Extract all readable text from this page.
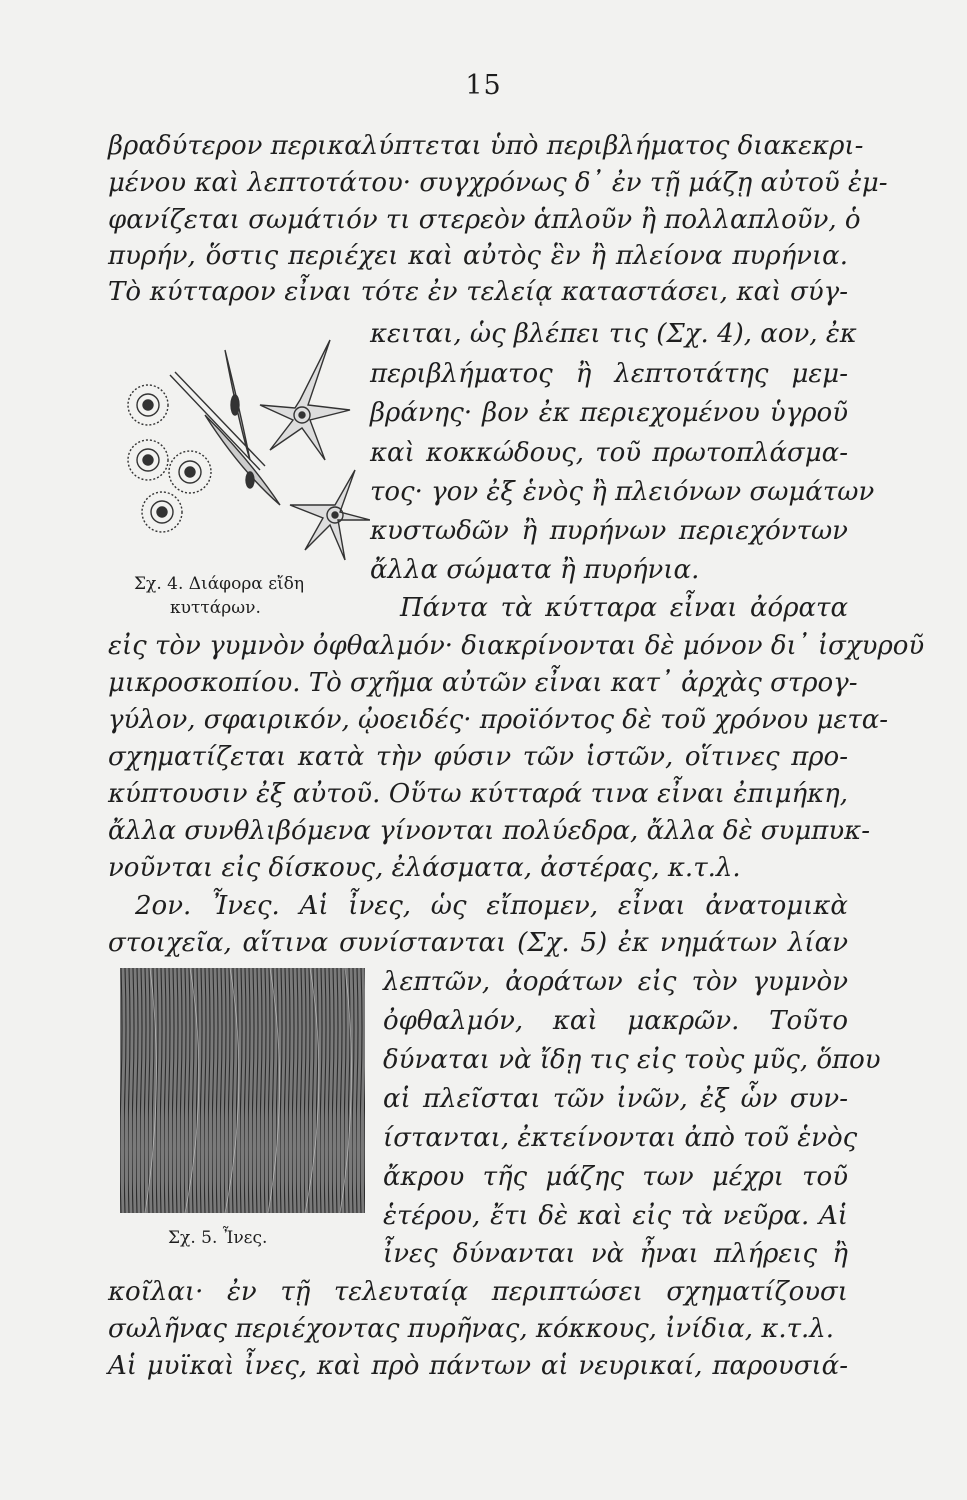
15
βραδύτερον περικαλύπτεται ὑπὸ περιβλήματος διακεκρι-
μένου καὶ λεπτοτάτου· συγχρόνως δ᾽ ἐν τῇ μάζῃ αὐτοῦ ἐμ-
φανίζεται σωμάτιόν τι στερεὸν ἁπλοῦν ἢ πολλαπλοῦν, ὁ
πυρήν, ὅστις περιέχει καὶ αὐτὸς ἓν ἢ πλείονα πυρήνια.
Τὸ κύτταρον εἶναι τότε ἐν τελείᾳ καταστάσει, καὶ σύγ-
Σχ. 4. Διάφορα εἴδη
κυττάρων.
κειται, ὡς βλέπει τις (Σχ. 4), αον, ἐκ
περιβλήματος ἢ λεπτοτάτης μεμ-
βράνης· βον ἐκ περιεχομένου ὑγροῦ
καὶ κοκκώδους, τοῦ πρωτοπλάσμα-
τος· γον ἐξ ἑνὸς ἢ πλειόνων σωμάτων
κυστωδῶν ἢ πυρήνων περιεχόντων
ἄλλα σώματα ἢ πυρήνια.
Πάντα τὰ κύτταρα εἶναι ἀόρατα
εἰς τὸν γυμνὸν ὀφθαλμόν· διακρίνονται δὲ μόνον δι᾽ ἰσχυροῦ
μικροσκοπίου. Τὸ σχῆμα αὐτῶν εἶναι κατ᾽ ἀρχὰς στρογ-
γύλον, σφαιρικόν, ᾠοειδές· προϊόντος δὲ τοῦ χρόνου μετα-
σχηματίζεται κατὰ τὴν φύσιν τῶν ἱστῶν, οἵτινες προ-
κύπτουσιν ἐξ αὐτοῦ. Οὕτω κύτταρά τινα εἶναι ἐπιμήκη,
ἄλλα συνθλιβόμενα γίνονται πολύεδρα, ἄλλα δὲ συμπυκ-
νοῦνται εἰς δίσκους, ἐλάσματα, ἀστέρας, κ.τ.λ.
2ον. Ἶνες. Αἱ ἶνες, ὡς εἴπομεν, εἶναι ἀνατομικὰ
στοιχεῖα, αἵτινα συνίστανται (Σχ. 5) ἐκ νημάτων λίαν
Σχ. 5. Ἶνες.
λεπτῶν, ἀοράτων εἰς τὸν γυμνὸν
ὀφθαλμόν, καὶ μακρῶν. Τοῦτο
δύναται νὰ ἴδῃ τις εἰς τοὺς μῦς, ὅπου
αἱ πλεῖσται τῶν ἰνῶν, ἐξ ὧν συν-
ίστανται, ἐκτείνονται ἀπὸ τοῦ ἑνὸς
ἄκρου τῆς μάζης των μέχρι τοῦ
ἑτέρου, ἔτι δὲ καὶ εἰς τὰ νεῦρα. Αἱ
ἶνες δύνανται νὰ ἦναι πλήρεις ἢ
κοῖλαι· ἐν τῇ τελευταίᾳ περιπτώσει σχηματίζουσι
σωλῆνας περιέχοντας πυρῆνας, κόκκους, ἰνίδια, κ.τ.λ.
Αἱ μυϊκαὶ ἶνες, καὶ πρὸ πάντων αἱ νευρικαί, παρουσιά-
